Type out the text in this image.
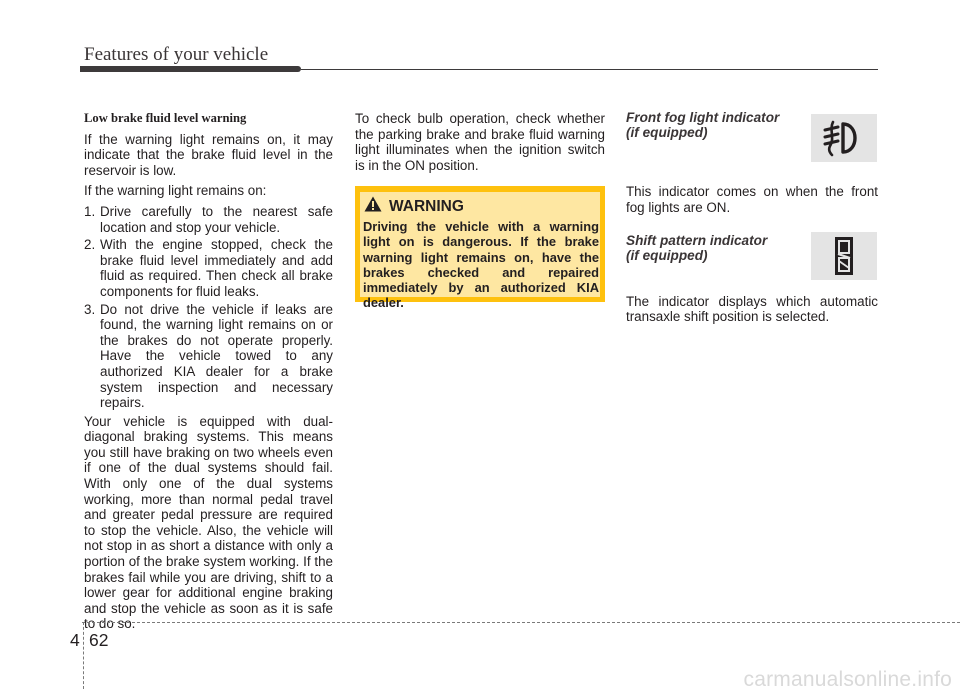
Features of your vehicle

Low brake fluid level warning

If the warning light remains on, it may indicate that the brake fluid level in the reservoir is low.

If the warning light remains on:

1. Drive carefully to the nearest safe location and stop your vehicle.
2. With the engine stopped, check the brake fluid level immediately and add fluid as required. Then check all brake components for fluid leaks.
3. Do not drive the vehicle if leaks are found, the warning light remains on or the brakes do not operate properly. Have the vehicle towed to any authorized KIA dealer for a brake system inspection and necessary repairs.

Your vehicle is equipped with dual-diagonal braking systems. This means you still have braking on two wheels even if one of the dual systems should fail. With only one of the dual systems working, more than normal pedal travel and greater pedal pressure are required to stop the vehicle. Also, the vehicle will not stop in as short a distance with only a portion of the brake system working. If the brakes fail while you are driving, shift to a lower gear for additional engine braking and stop the vehicle as soon as it is safe to do so.

To check bulb operation, check whether the parking brake and brake fluid warning light illuminates when the ignition switch is in the ON position.

WARNING
Driving the vehicle with a warning light on is dangerous. If the brake warning light remains on, have the brakes checked and repaired immediately by an authorized KIA dealer.
Front fog light indicator
(if equipped)

This indicator comes on when the front fog lights are ON.

Shift pattern indicator
(if equipped)

The indicator displays which automatic transaxle shift position is selected.

4 62
carmanualsonline.info
